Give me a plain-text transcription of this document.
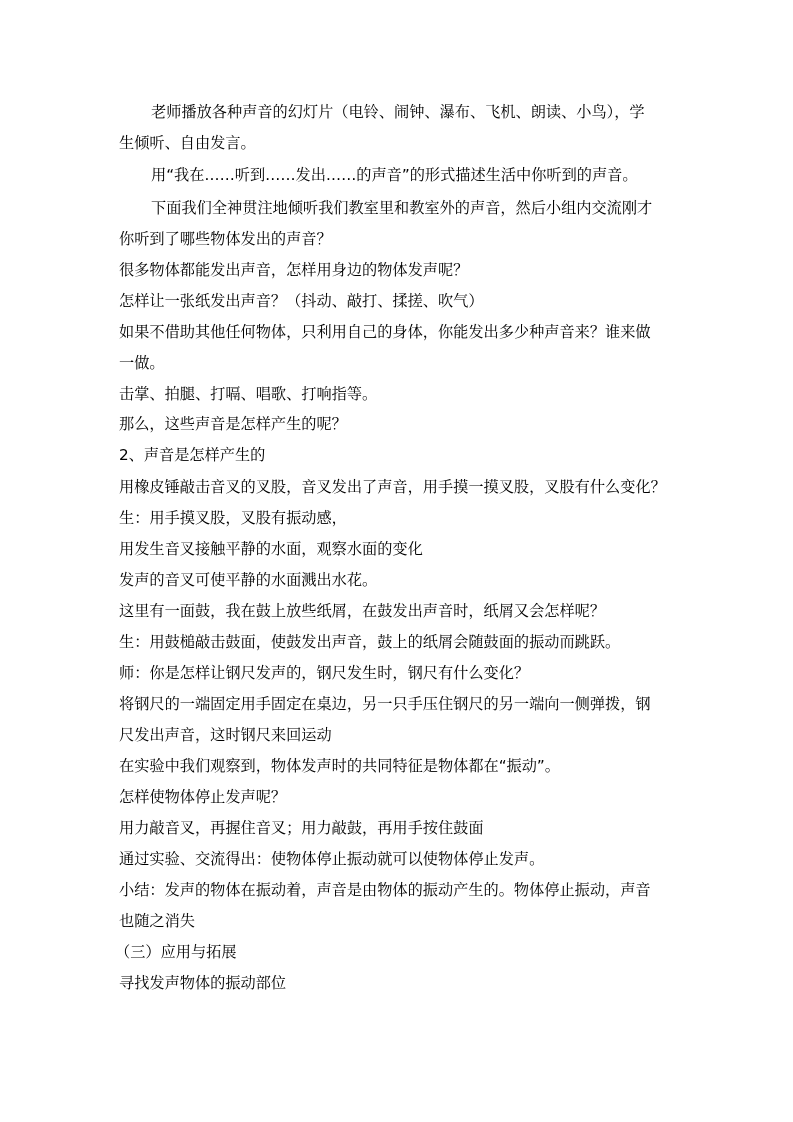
老师播放各种声音的幻灯片（电铃、闹钟、瀑布、飞机、朗读、小鸟），学
生倾听、自由发言。
用“我在……听到……发出……的声音”的形式描述生活中你听到的声音。
下面我们全神贯注地倾听我们教室里和教室外的声音，然后小组内交流刚才
你听到了哪些物体发出的声音？
很多物体都能发出声音，怎样用身边的物体发声呢？
怎样让一张纸发出声音？（抖动、敲打、揉搓、吹气）
如果不借助其他任何物体，只利用自己的身体，你能发出多少种声音来？谁来做
一做。
击掌、拍腿、打嗝、唱歌、打响指等。
那么，这些声音是怎样产生的呢？
2、声音是怎样产生的
用橡皮锤敲击音叉的叉股，音叉发出了声音，用手摸一摸叉股，叉股有什么变化？
生：用手摸叉股，叉股有振动感，
用发生音叉接触平静的水面，观察水面的变化
发声的音叉可使平静的水面溅出水花。
这里有一面鼓，我在鼓上放些纸屑，在鼓发出声音时，纸屑又会怎样呢？
生：用鼓槌敲击鼓面，使鼓发出声音，鼓上的纸屑会随鼓面的振动而跳跃。
师：你是怎样让钢尺发声的，钢尺发生时，钢尺有什么变化？
将钢尺的一端固定用手固定在桌边，另一只手压住钢尺的另一端向一侧弹拨，钢
尺发出声音，这时钢尺来回运动
在实验中我们观察到，物体发声时的共同特征是物体都在“振动”。
怎样使物体停止发声呢？
用力敲音叉，再握住音叉；用力敲鼓，再用手按住鼓面
通过实验、交流得出：使物体停止振动就可以使物体停止发声。
小结：发声的物体在振动着，声音是由物体的振动产生的。物体停止振动，声音
也随之消失
（三）应用与拓展
寻找发声物体的振动部位
